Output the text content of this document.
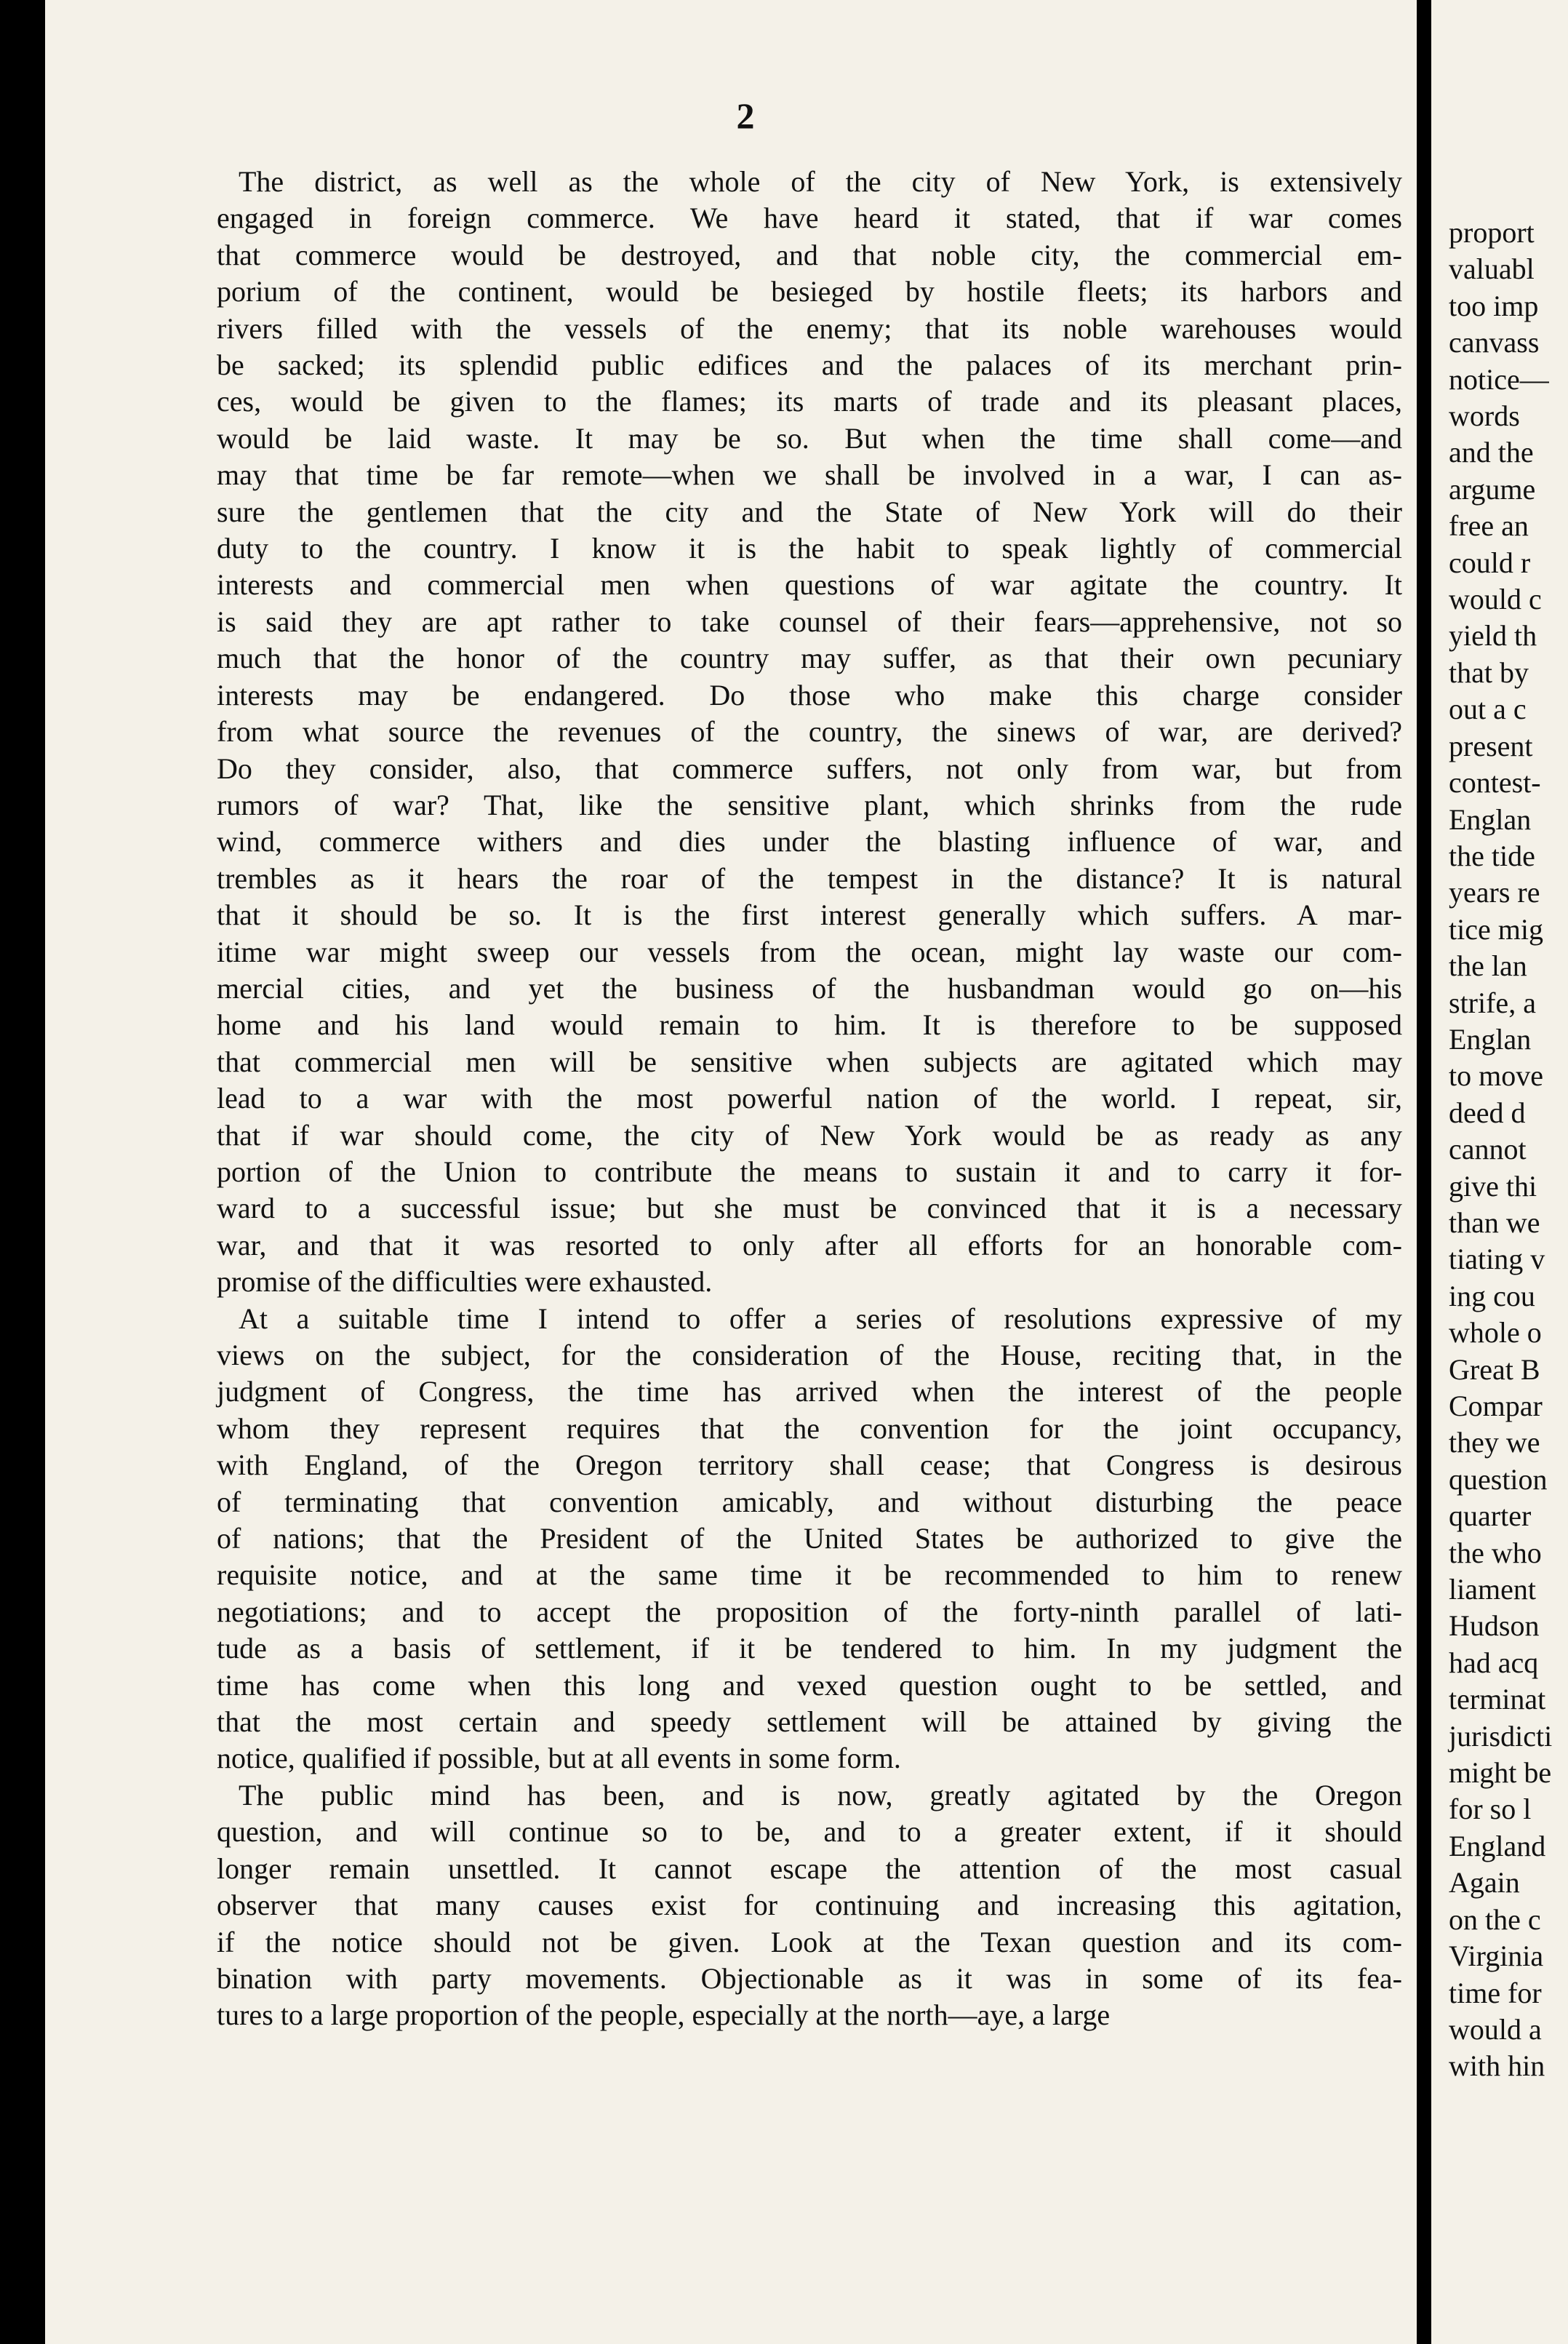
2
The district, as well as the whole of the city of New York, is extensively
engaged in foreign commerce. We have heard it stated, that if war comes
that commerce would be destroyed, and that noble city, the commercial em-
porium of the continent, would be besieged by hostile fleets; its harbors and
rivers filled with the vessels of the enemy; that its noble warehouses would
be sacked; its splendid public edifices and the palaces of its merchant prin-
ces, would be given to the flames; its marts of trade and its pleasant places,
would be laid waste. It may be so. But when the time shall come—and
may that time be far remote—when we shall be involved in a war, I can as-
sure the gentlemen that the city and the State of New York will do their
duty to the country. I know it is the habit to speak lightly of commercial
interests and commercial men when questions of war agitate the country. It
is said they are apt rather to take counsel of their fears—apprehensive, not so
much that the honor of the country may suffer, as that their own pecuniary
interests may be endangered. Do those who make this charge consider
from what source the revenues of the country, the sinews of war, are derived?
Do they consider, also, that commerce suffers, not only from war, but from
rumors of war? That, like the sensitive plant, which shrinks from the rude
wind, commerce withers and dies under the blasting influence of war, and
trembles as it hears the roar of the tempest in the distance? It is natural
that it should be so. It is the first interest generally which suffers. A mar-
itime war might sweep our vessels from the ocean, might lay waste our com-
mercial cities, and yet the business of the husbandman would go on—his
home and his land would remain to him. It is therefore to be supposed
that commercial men will be sensitive when subjects are agitated which may
lead to a war with the most powerful nation of the world. I repeat, sir,
that if war should come, the city of New York would be as ready as any
portion of the Union to contribute the means to sustain it and to carry it for-
ward to a successful issue; but she must be convinced that it is a necessary
war, and that it was resorted to only after all efforts for an honorable com-
promise of the difficulties were exhausted.
At a suitable time I intend to offer a series of resolutions expressive of my
views on the subject, for the consideration of the House, reciting that, in the
judgment of Congress, the time has arrived when the interest of the people
whom they represent requires that the convention for the joint occupancy,
with England, of the Oregon territory shall cease; that Congress is desirous
of terminating that convention amicably, and without disturbing the peace
of nations; that the President of the United States be authorized to give the
requisite notice, and at the same time it be recommended to him to renew
negotiations; and to accept the proposition of the forty-ninth parallel of lati-
tude as a basis of settlement, if it be tendered to him. In my judgment the
time has come when this long and vexed question ought to be settled, and
that the most certain and speedy settlement will be attained by giving the
notice, qualified if possible, but at all events in some form.
The public mind has been, and is now, greatly agitated by the Oregon
question, and will continue so to be, and to a greater extent, if it should
longer remain unsettled. It cannot escape the attention of the most casual
observer that many causes exist for continuing and increasing this agitation,
if the notice should not be given. Look at the Texan question and its com-
bination with party movements. Objectionable as it was in some of its fea-
tures to a large proportion of the people, especially at the north—aye, a large
proport
valuabl
too imp
canvass
notice—
words
and the
argume
free an
could r
would c
yield th
that by
out a c
present
contest-
Englan
the tide
years re
tice mig
the lan
strife, a
Englan
to move
deed d
cannot
give thi
than we
tiating v
ing cou
whole o
Great B
Compar
they we
question
quarter
the who
liament
Hudson
had acq
terminat
jurisdicti
might be
for so l
England
Again
on the c
Virginia
time for
would a
with hin
